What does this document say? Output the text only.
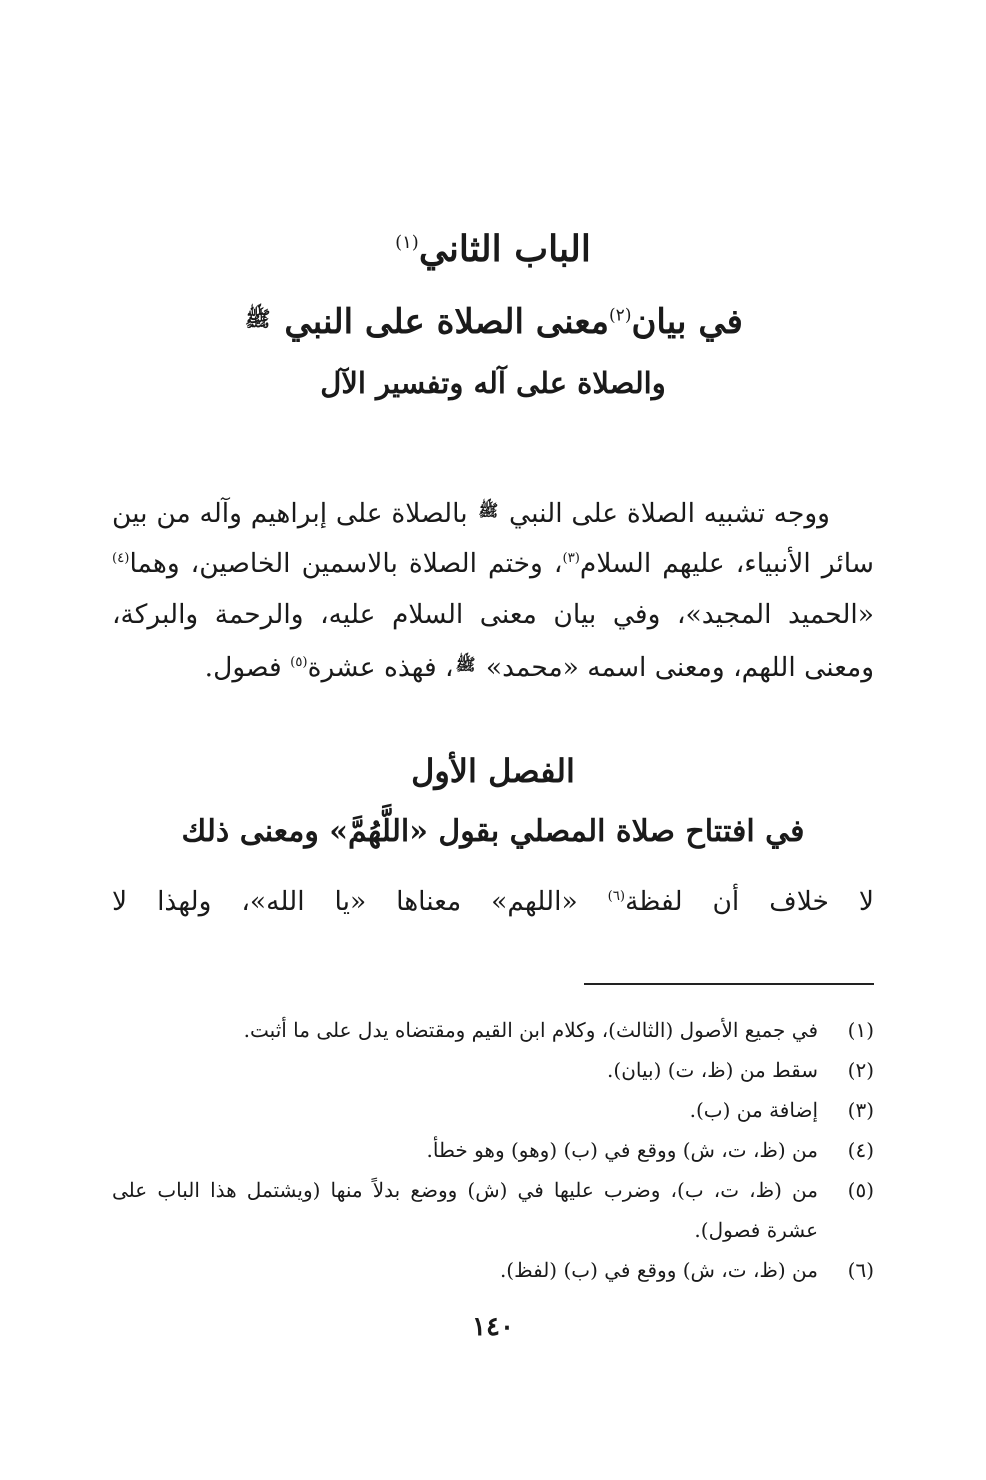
الباب الثاني$^{(١)}$
في بيان$^{(٢)}$معنى الصلاة على النبي $^ﷺ$
والصلاة على آله وتفسير الآل
ووجه تشبيه الصلاة على النبي $^ﷺ$ بالصلاة على إبراهيم وآله من بين سائر الأنبياء، عليهم السلام$^{(٣)}$، وختم الصلاة بالاسمين الخاصين، وهما$^{(٤)}$ «الحميد المجيد»، وفي بيان معنى السلام عليه، والرحمة والبركة، ومعنى اللهم، ومعنى اسمه «محمد» $^ﷺ$، فهذه عشرة$^{(٥)}$ فصول.
الفصل الأول
في افتتاح صلاة المصلي بقول «اللَّهُمَّ» ومعنى ذلك
لا خلاف أن لفظة$^{(٦)}$ «اللهم» معناها «يا الله»، ولهذا لا
(١)
في جميع الأصول (الثالث)، وكلام ابن القيم ومقتضاه يدل على ما أثبت.
(٢)
سقط من (ظ، ت) (بيان).
(٣)
إضافة من (ب).
(٤)
من (ظ، ت، ش) ووقع في (ب) (وهو) وهو خطأ.
(٥)
من (ظ، ت، ب)، وضرب عليها في (ش) ووضع بدلاً منها (ويشتمل هذا الباب على عشرة فصول).
(٦)
من (ظ، ت، ش) ووقع في (ب) (لفظ).
١٤٠
